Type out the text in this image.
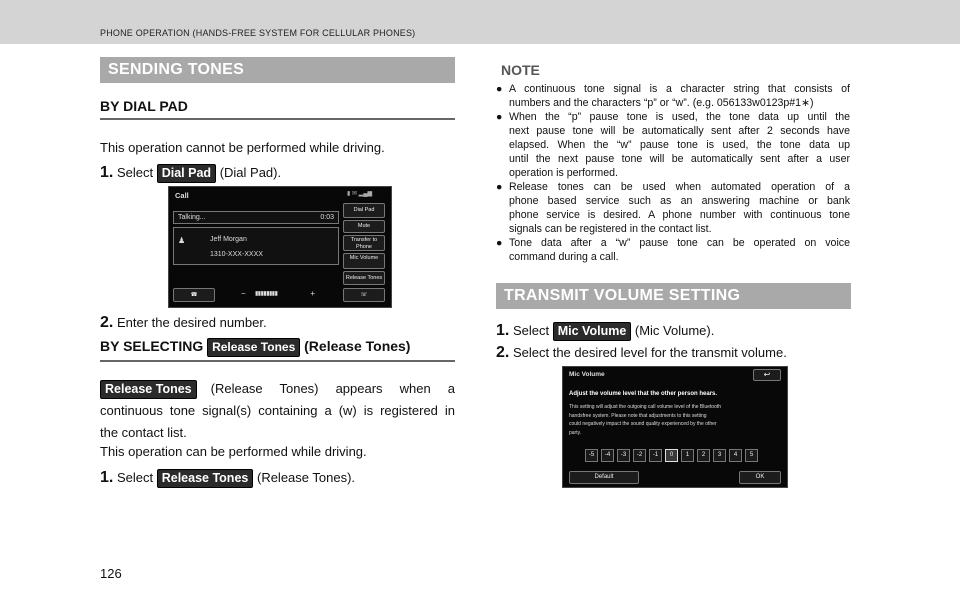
PHONE OPERATION (HANDS-FREE SYSTEM FOR CELLULAR PHONES)
SENDING TONES
BY DIAL PAD
This operation cannot be performed while driving.
1. Select Dial Pad (Dial Pad).
Call	▮ ✉ ▂▄▆
Talking...	0:03
♟	Jeff Morgan
1310-XXX-XXXX
Dial Pad
Mute
Transfer to Phone
Mic Volume
Release Tones
☎	− ▮▮▮▮▮▮▮▮	+	☏
2. Enter the desired number.
BY SELECTING Release Tones (Release Tones)
Release Tones	(Release Tones) appears when a
continuous tone signal(s) containing a (w) is registered in
the contact list.
This operation can be performed while driving.
1. Select Release Tones (Release Tones).
126
NOTE
● A continuous tone signal is a character string that consists of
numbers and the characters “p” or “w”. (e.g. 056133w0123p#1∗)
● When the “p” pause tone is used, the tone data up until the
next pause tone will be automatically sent after 2 seconds have
elapsed. When the “w” pause tone is used, the tone data up
until the next pause tone will be automatically sent after a user
operation is performed.
● Release tones can be used when automated operation of a
phone based service such as an answering machine or bank
phone service is desired. A phone number with continuous tone
signals can be registered in the contact list.
● Tone data after a “w” pause tone can be operated on voice
command during a call.
TRANSMIT VOLUME SETTING
1. Select Mic Volume (Mic Volume).
2. Select the desired level for the transmit volume.
Mic Volume	↩
Adjust the volume level that the other person hears.
This setting will adjust the outgoing call volume level of the Bluetooth
handsfree system. Please note that adjustments to this setting
could negatively impact the sound quality experienced by the other
party.
-5	-4	-3	-2	-1	0	1	2	3	4	5
Default	OK
